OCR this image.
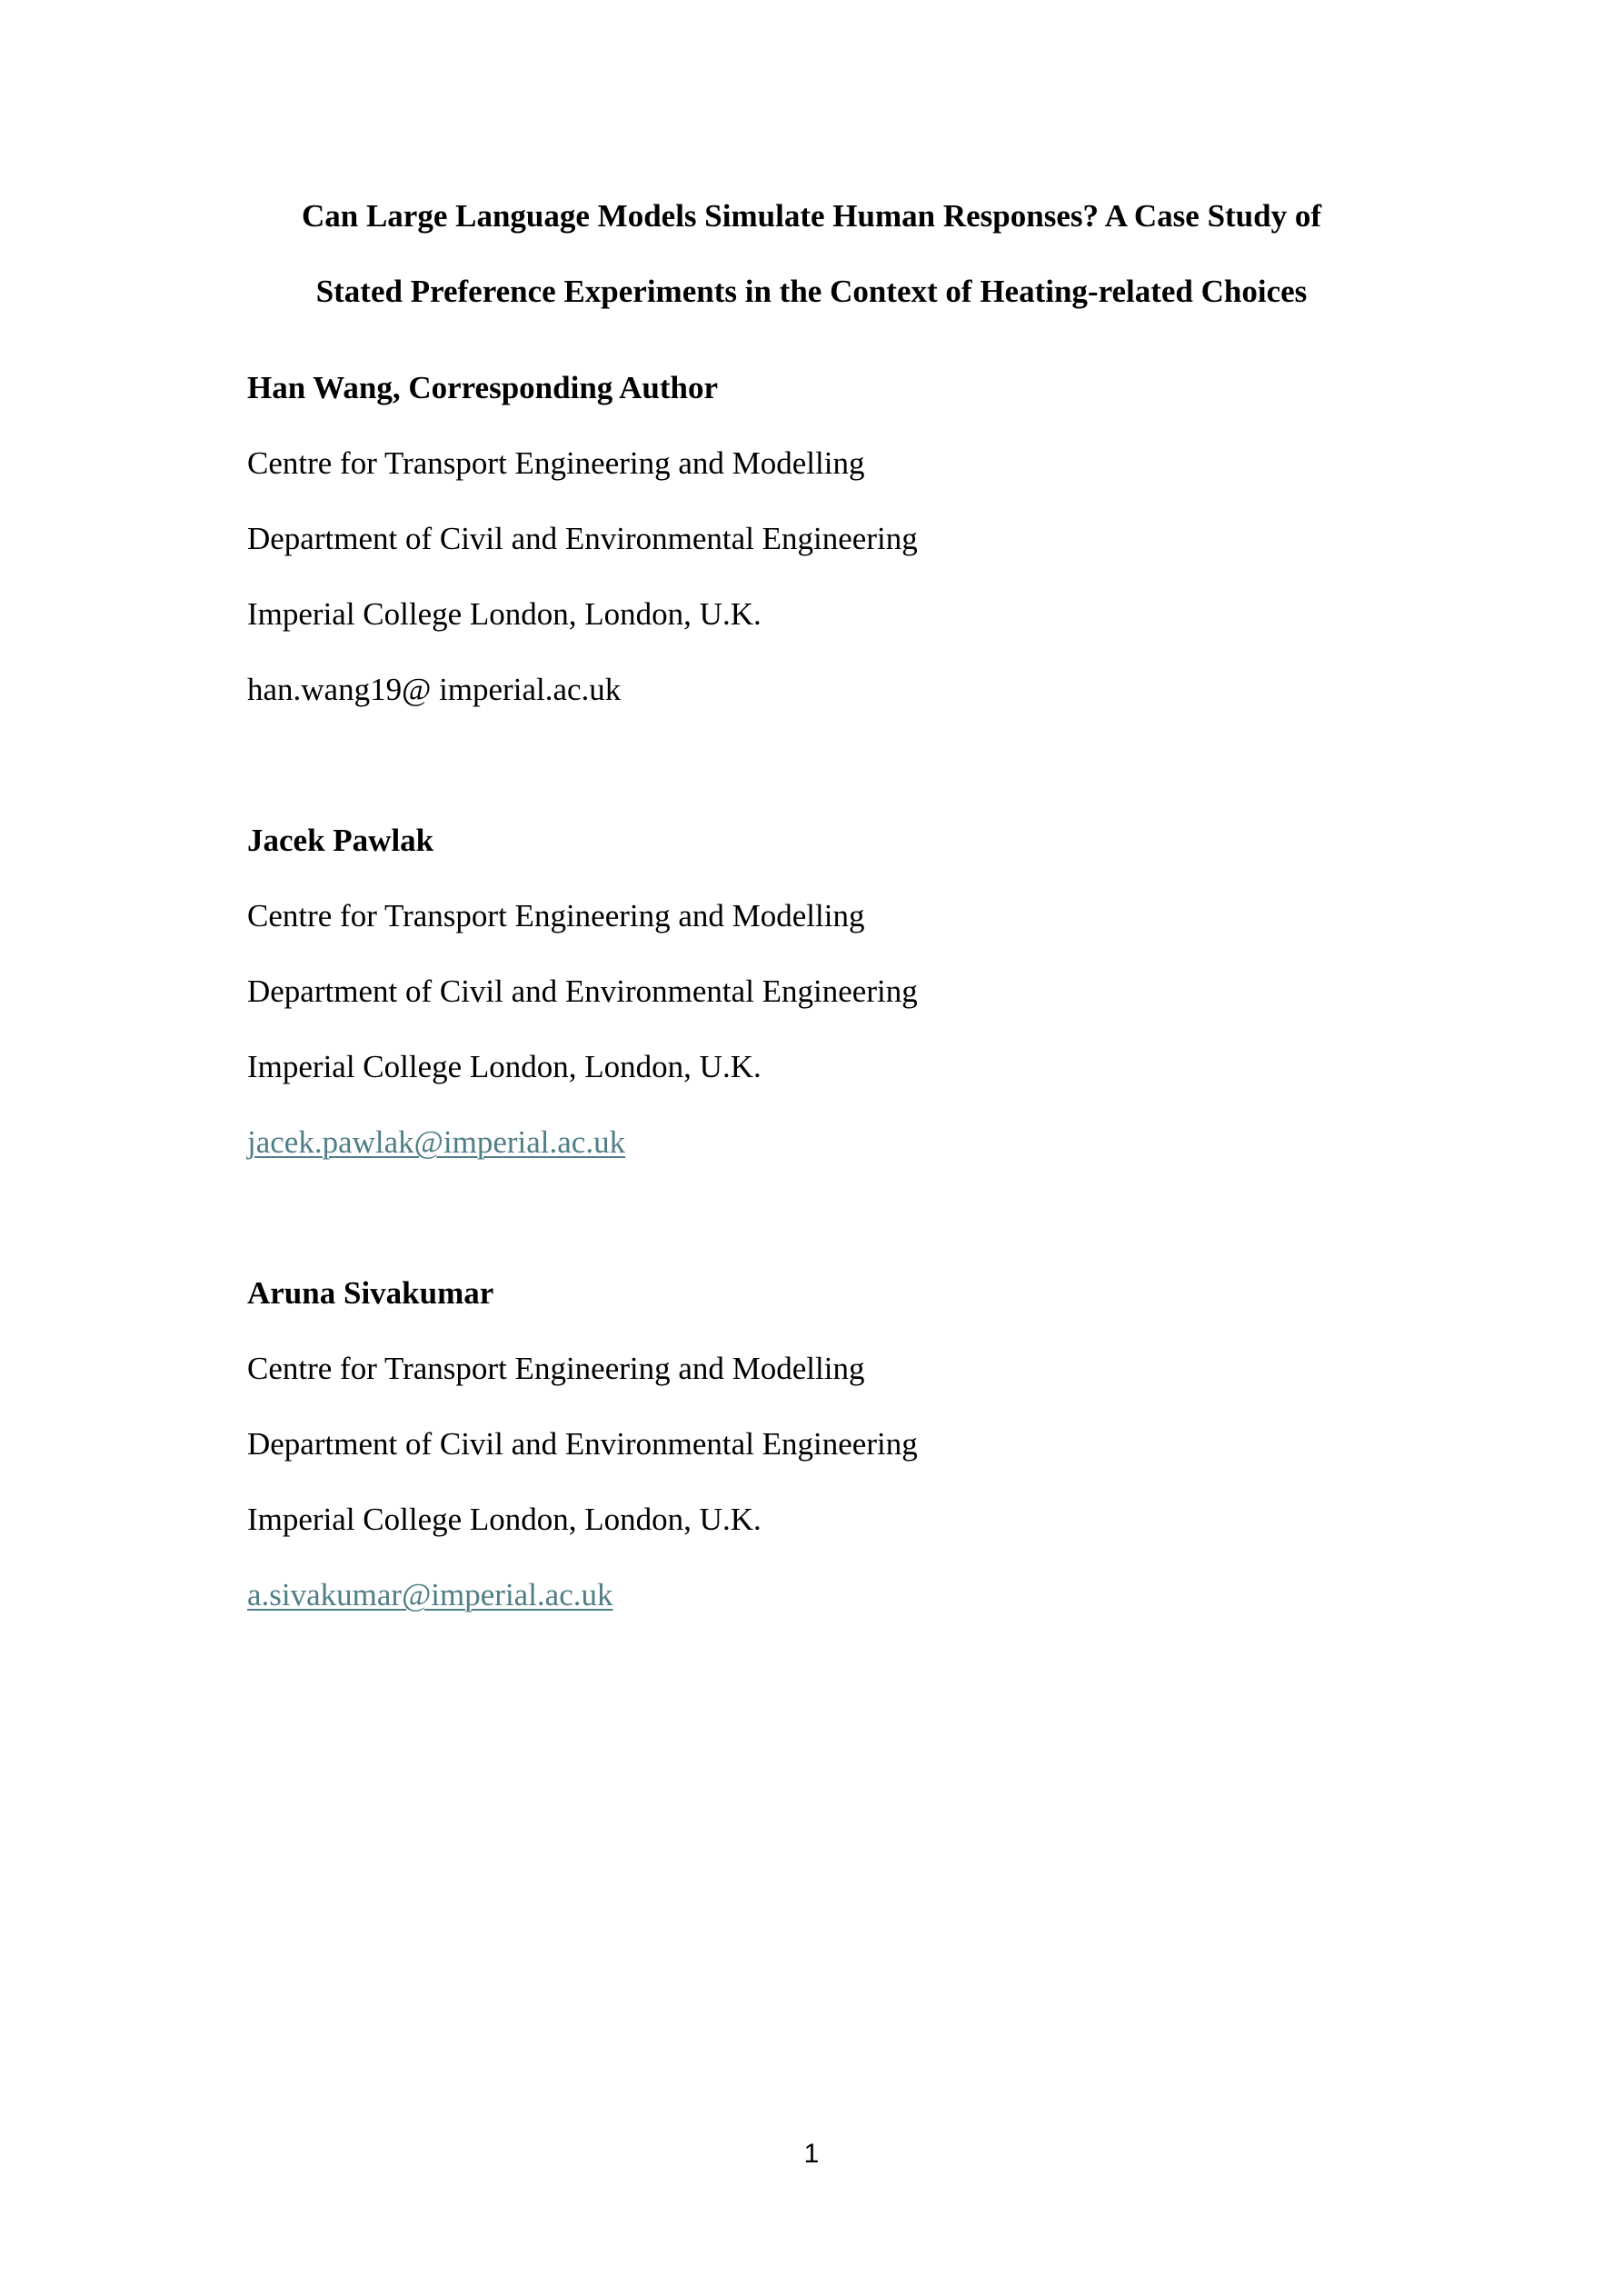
Can Large Language Models Simulate Human Responses? A Case Study of
Stated Preference Experiments in the Context of Heating-related Choices
Han Wang, Corresponding Author
Centre for Transport Engineering and Modelling
Department of Civil and Environmental Engineering
Imperial College London, London, U.K.
han.wang19@ imperial.ac.uk
Jacek Pawlak
Centre for Transport Engineering and Modelling
Department of Civil and Environmental Engineering
Imperial College London, London, U.K.
jacek.pawlak@imperial.ac.uk
Aruna Sivakumar
Centre for Transport Engineering and Modelling
Department of Civil and Environmental Engineering
Imperial College London, London, U.K.
a.sivakumar@imperial.ac.uk
1
